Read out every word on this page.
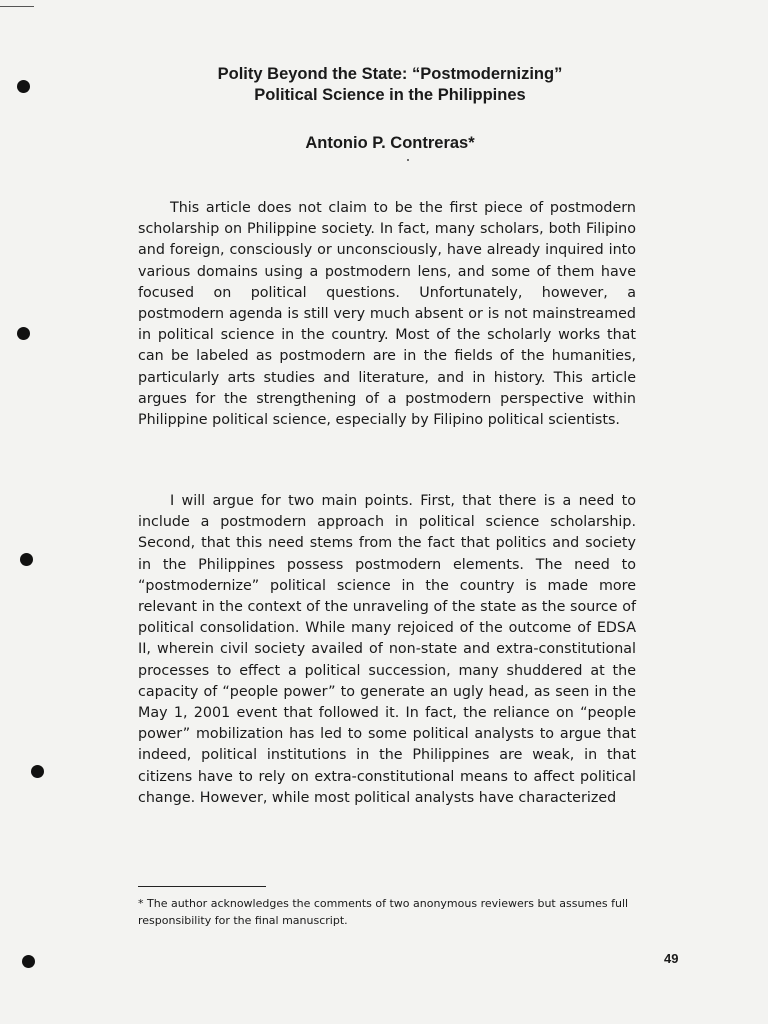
Polity Beyond the State: “Postmodernizing”
Political Science in the Philippines
Antonio P. Contreras*

This article does not claim to be the first piece of postmodern scholarship on Philippine society. In fact, many scholars, both Filipino and foreign, consciously or unconsciously, have already inquired into various domains using a postmodern lens, and some of them have focused on political questions. Unfortunately, however, a postmodern agenda is still very much absent or is not mainstreamed in political science in the country. Most of the scholarly works that can be labeled as postmodern are in the fields of the humanities, particularly arts studies and literature, and in history. This article argues for the strengthening of a postmodern perspective within Philippine political science, especially by Filipino political scientists.

I will argue for two main points. First, that there is a need to include a postmodern approach in political science scholarship. Second, that this need stems from the fact that politics and society in the Philippines possess postmodern elements. The need to “postmodernize” political science in the country is made more relevant in the context of the unraveling of the state as the source of political consolidation. While many rejoiced of the outcome of EDSA II, wherein civil society availed of non-state and extra-constitutional processes to effect a political succession, many shuddered at the capacity of “people power” to generate an ugly head, as seen in the May 1, 2001 event that followed it. In fact, the reliance on “people power” mobilization has led to some political analysts to argue that indeed, political institutions in the Philippines are weak, in that citizens have to rely on extra-constitutional means to affect political change. However, while most political analysts have characterized

* The author acknowledges the comments of two anonymous reviewers but assumes full responsibility for the final manuscript.
49
